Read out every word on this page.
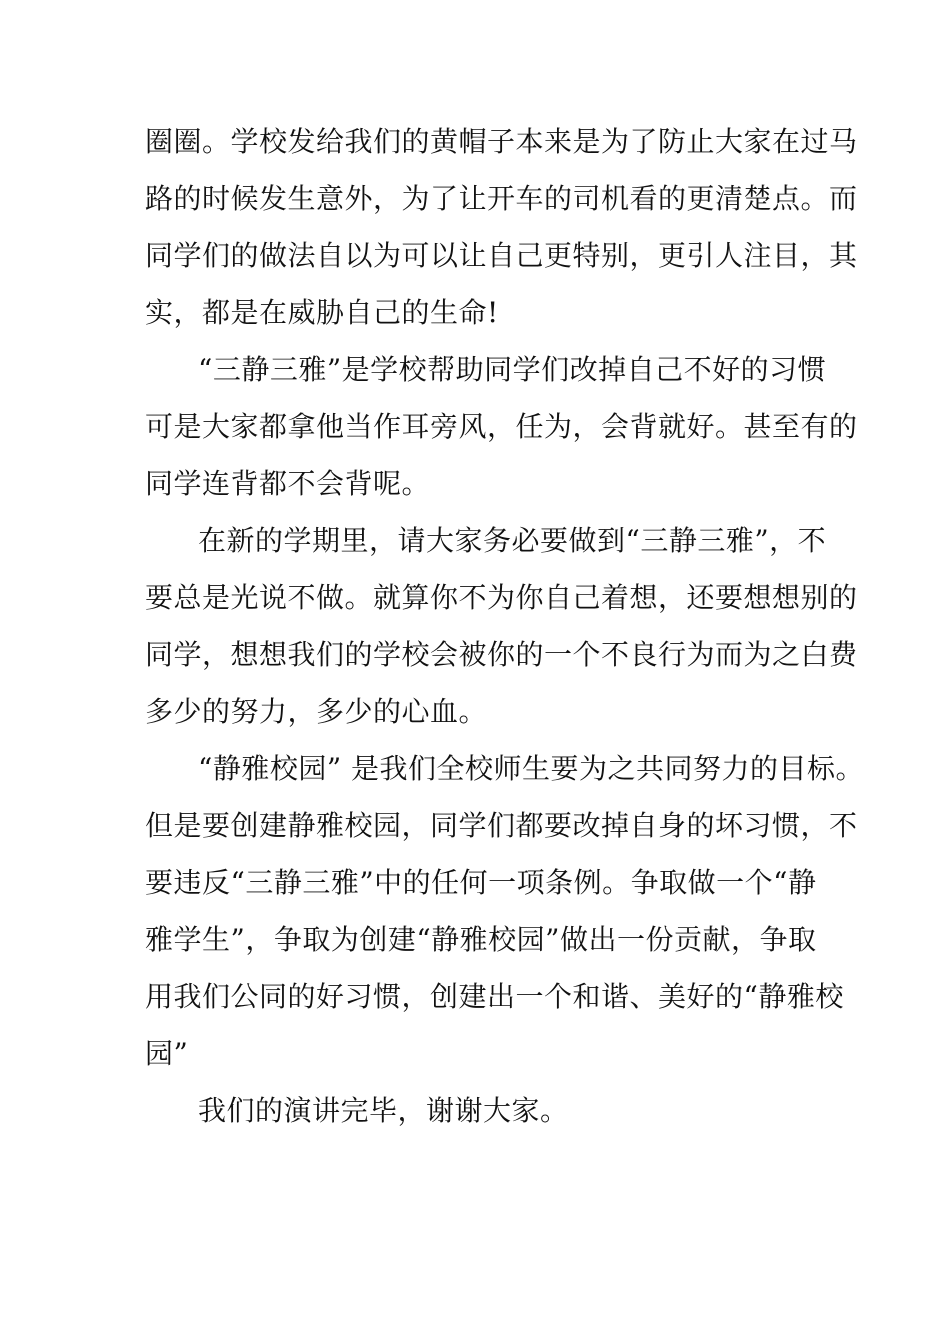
圈圈。学校发给我们的黄帽子本来是为了防止大家在过马
路的时候发生意外，为了让开车的司机看的更清楚点。而
同学们的做法自以为可以让自己更特别，更引人注目，其
实，都是在威胁自己的生命!
“三静三雅”是学校帮助同学们改掉自己不好的习惯
可是大家都拿他当作耳旁风，任为，会背就好。甚至有的
同学连背都不会背呢。
在新的学期里，请大家务必要做到“三静三雅”，不
要总是光说不做。就算你不为你自己着想，还要想想别的
同学，想想我们的学校会被你的一个不良行为而为之白费
多少的努力，多少的心血。
“静雅校园” 是我们全校师生要为之共同努力的目标。
但是要创建静雅校园，同学们都要改掉自身的坏习惯，不
要违反“三静三雅”中的任何一项条例。争取做一个“静
雅学生”，争取为创建“静雅校园”做出一份贡献，争取
用我们公同的好习惯，创建出一个和谐、美好的“静雅校
园”
我们的演讲完毕，谢谢大家。
